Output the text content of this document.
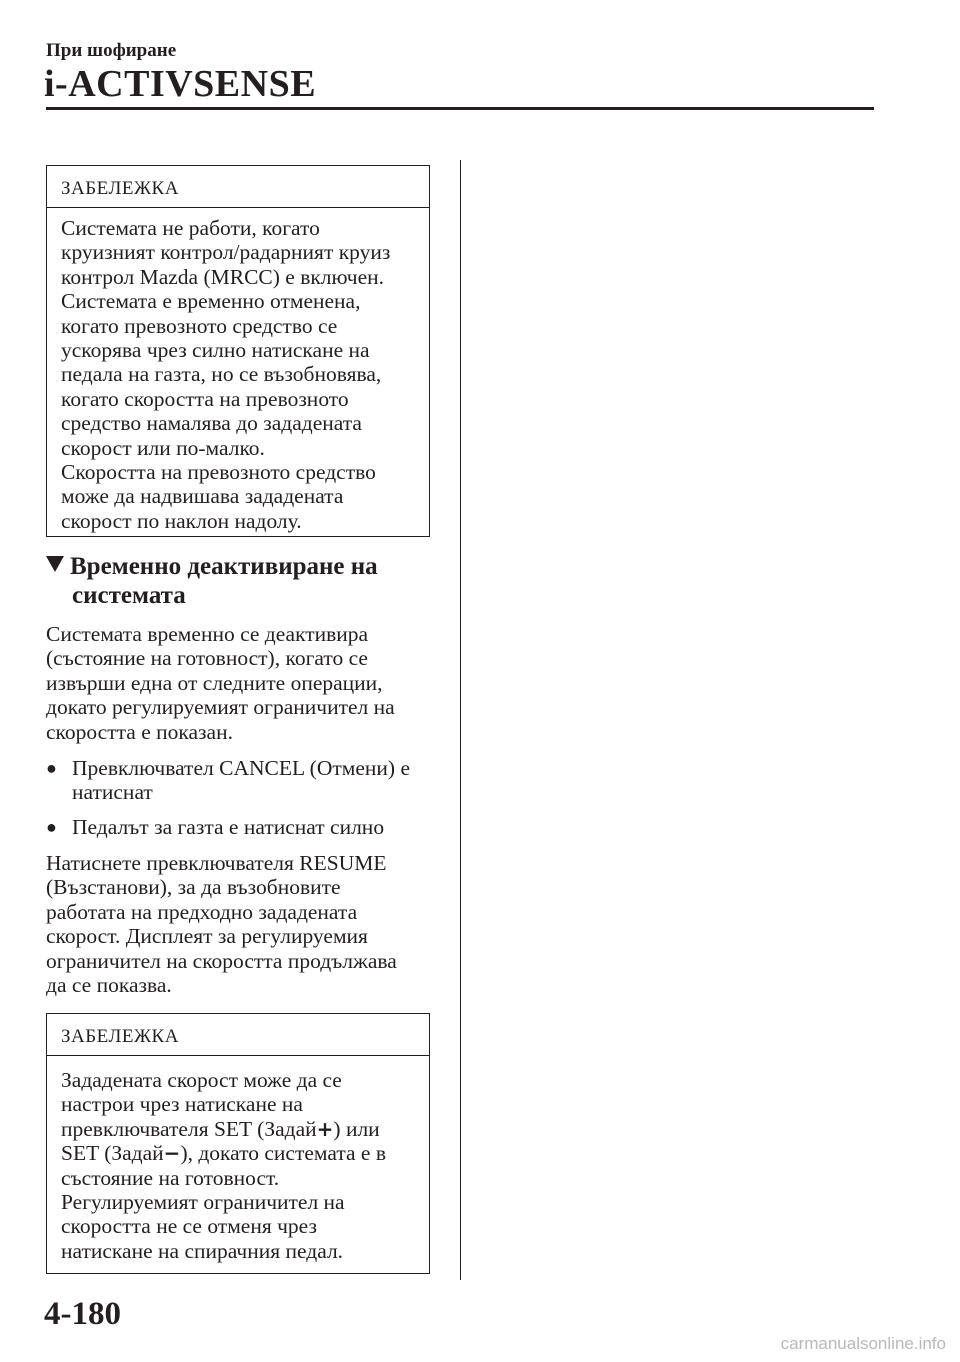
При шофиране
i-ACTIVSENSE
ЗАБЕЛЕЖКА

Системата не работи, когато

круизният контрол/радарният круиз

контрол Mazda (MRCC) е включен.

Системата е временно отменена,

когато превозното средство се

ускорява чрез силно натискане на

педала на газта, но се възобновява,

когато скоростта на превозното

средство намалява до зададената

скорост или по-малко.

Скоростта на превозното средство

може да надвишава зададената

скорост по наклон надолу.

Временно деактивиране на
системата

Системата временно се деактивира

(състояние на готовност), когато се

извърши една от следните операции,

докато регулируемият ограничител на

скоростта е показан.

● Превключвател CANCEL (Отмени) е

натиснат

● Педалът за газта е натиснат силно

Натиснете превключвателя RESUME

(Възстанови), за да възобновите

работата на предходно зададената

скорост. Дисплеят за регулируемия

ограничител на скоростта продължава

да се показва.

ЗАБЕЛЕЖКА

Зададената скорост може да се

настрои чрез натискане на

превключвателя SET (Задай+) или

SET (Задай−), докато системата е в

състояние на готовност.

Регулируемият ограничител на

скоростта не се отменя чрез

натискане на спирачния педал.

4-180
carmanualsonline.info
